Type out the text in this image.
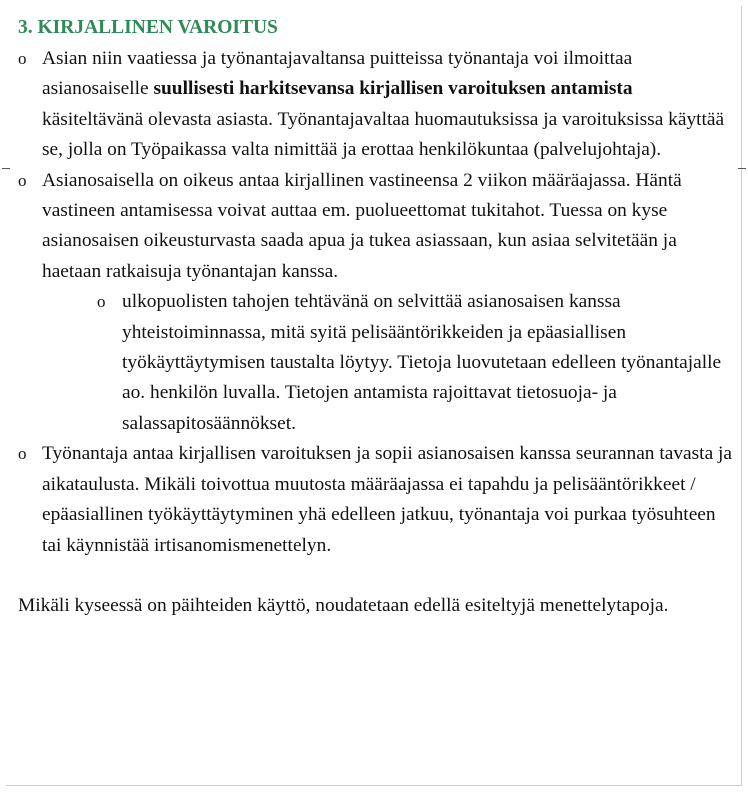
3. KIRJALLINEN VAROITUS
o Asian niin vaatiessa ja työnantajavaltansa puitteissa työnantaja voi ilmoittaa asianosaiselle suullisesti harkitsevansa kirjallisen varoituksen antamista käsiteltävänä olevasta asiasta. Työnantajavaltaa huomautuksissa ja varoituksissa käyttää se, jolla on Työpaikassa valta nimittää ja erottaa henkilökuntaa (palvelujohtaja).
o Asianosaisella on oikeus antaa kirjallinen vastineensa 2 viikon määräajassa. Häntä vastineen antamisessa voivat auttaa em. puolueettomat tukitahot. Tuessa on kyse asianosaisen oikeusturvasta saada apua ja tukea asiassaan, kun asiaa selvitetään ja haetaan ratkaisuja työnantajan kanssa.
o ulkopuolisten tahojen tehtävänä on selvittää asianosaisen kanssa yhteistoiminnassa, mitä syitä pelisääntörikkeiden ja epäasiallisen työkäyttäytymisen taustalta löytyy. Tietoja luovutetaan edelleen työnantajalle ao. henkilön luvalla. Tietojen antamista rajoittavat tietosuoja- ja salassapitosäännökset.
o Työnantaja antaa kirjallisen varoituksen ja sopii asianosaisen kanssa seurannan tavasta ja aikataulusta. Mikäli toivottua muutosta määräajassa ei tapahdu ja pelisääntörikkeet / epäasiallinen työkäyttäytyminen yhä edelleen jatkuu, työnantaja voi purkaa työsuhteen tai käynnistää irtisanomismenettelyn.
Mikäli kyseessä on päihteiden käyttö, noudatetaan edellä esiteltyjä menettelytapoja.
